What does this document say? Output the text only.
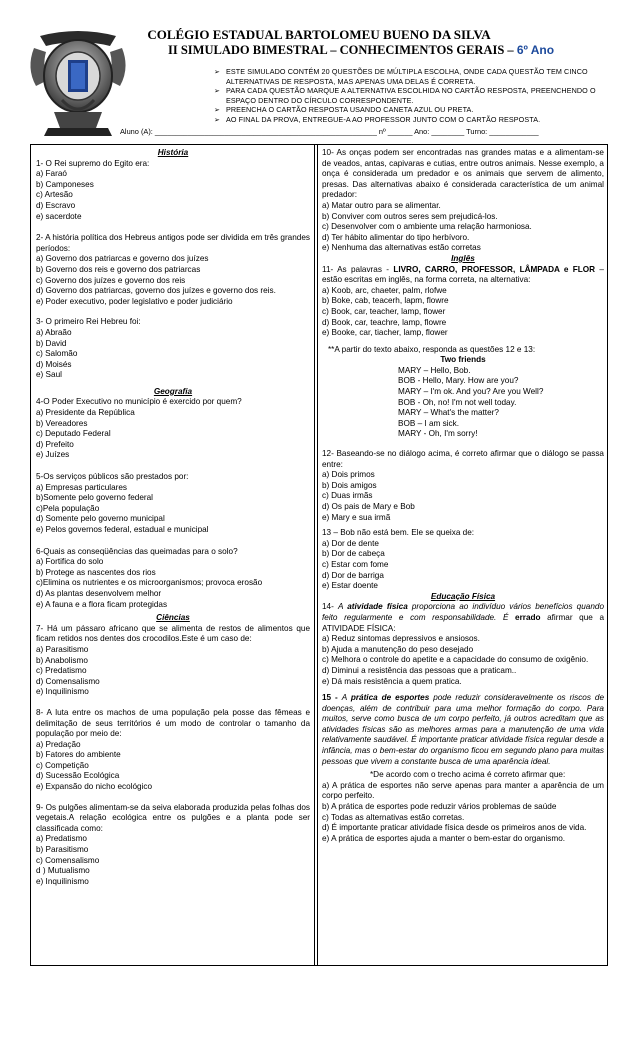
COLÉGIO ESTADUAL BARTOLOMEU BUENO DA SILVA
II SIMULADO BIMESTRAL – CONHECIMENTOS GERAIS – 6º Ano
➢ ESTE SIMULADO CONTÉM 20 QUESTÕES DE MÚLTIPLA ESCOLHA, ONDE CADA QUESTÃO TEM CINCO ALTERNATIVAS DE RESPOSTA, MAS APENAS UMA DELAS É CORRETA.
➢ PARA CADA QUESTÃO MARQUE A ALTERNATIVA ESCOLHIDA NO CARTÃO RESPOSTA, PREENCHENDO O ESPAÇO DENTRO DO CÍRCULO CORRESPONDENTE.
➢ PREENCHA O CARTÃO RESPOSTA USANDO CANETA AZUL OU PRETA.
➢ AO FINAL DA PROVA, ENTREGUE-A AO PROFESSOR JUNTO COM O CARTÃO RESPOSTA.
Aluno (A): ______________________________________________________ nº ______ Ano: ________ Turno: ____________
História
1- O Rei supremo do Egito era:
a) Faraó
b) Camponeses
c) Artesão
d) Escravo
e) sacerdote
2- A história política dos Hebreus antigos pode ser dividida em três grandes períodos:
a) Governo dos patriarcas e governo dos juízes
b) Governo dos reis e governo dos patriarcas
c) Governo dos juízes e governo dos reis
d) Governo dos patriarcas, governo dos juízes e governo dos reis.
e) Poder executivo, poder legislativo e poder judiciário
3- O primeiro Rei Hebreu foi:
a) Abraão
b) David
c) Salomão
d) Moisés
e) Saul
Geografia
4-O Poder Executivo no município é exercido por quem?
a) Presidente da República
b) Vereadores
c) Deputado Federal
d) Prefeito
e) Juízes
5-Os serviços públicos são prestados por:
a) Empresas particulares
b)Somente pelo governo federal
c)Pela população
d) Somente pelo governo municipal
e) Pelos governos federal, estadual e municipal
6-Quais as conseqüências das queimadas para o solo?
a) Fortifica do solo
b) Protege as nascentes dos rios
c)Elimina os nutrientes e os microorganismos; provoca erosão
d) As plantas desenvolvem melhor
e) A fauna e a flora ficam protegidas
Ciências
7- Há um pássaro africano que se alimenta de restos de alimentos que ficam retidos nos dentes dos crocodilos.Este é um caso de:
a) Parasitismo
b) Anabolismo
c) Predatismo
d) Comensalismo
e) Inquilinismo
8- A luta entre os machos de uma população pela posse das fêmeas e delimitação de seus territórios é um modo de controlar o tamanho da população por meio de:
a) Predação
b) Fatores do ambiente
c) Competição
d) Sucessão Ecológica
e) Expansão do nicho ecológico
9- Os pulgões alimentam-se da seiva elaborada produzida pelas folhas dos vegetais.A relação ecológica entre os pulgões e a planta pode ser classificada como:
a) Predatismo
b) Parasitismo
c) Comensalismo
d ) Mutualismo
e) Inquilinismo
10- As onças podem ser encontradas nas grandes matas e a alimentam-se de veados, antas, capivaras e cutias, entre outros animais. Nesse exemplo, a onça é considerada um predador e os animais que servem de alimento, presas. Das alternativas abaixo é considerada característica de um animal predador:
a) Matar outro para se alimentar.
b) Conviver com outros seres sem prejudicá-los.
c) Desenvolver com o ambiente uma relação harmoniosa.
d) Ter hábito alimentar do tipo herbívoro.
e) Nenhuma das alternativas estão corretas
Inglês
11- As palavras - LIVRO, CARRO, PROFESSOR, LÂMPADA e FLOR – estão escritas em inglês, na forma correta, na alternativa:
a) Koob, arc, chaeter, palm, rlofwe
b) Boke, cab, teacerh, lapm, flowre
c) Book, car, teacher, lamp, flower
d) Book, car, teachre, lamp, flowre
e) Booke, car, tiacher, lamp, flower
**A partir do texto abaixo, responda as questões 12 e 13:
Two friends
MARY – Hello, Bob.
BOB - Hello, Mary. How are you?
MARY – I'm ok. And you? Are you Well?
BOB - Oh, no! I'm not well today.
MARY – What's the matter?
BOB – I am sick.
MARY - Oh, I'm sorry!
12- Baseando-se no diálogo acima, é correto afirmar que o diálogo se passa entre:
a) Dois primos
b) Dois amigos
c) Duas irmãs
d) Os pais de Mary e Bob
e) Mary e sua irmã
13 – Bob não está bem. Ele se queixa de:
a) Dor de dente
b) Dor de cabeça
c) Estar com fome
d) Dor de barriga
e) Estar doente
Educação Física
14- A atividade física proporciona ao indivíduo vários benefícios quando feito regularmente e com responsabilidade. É errado afirmar que a ATIVIDADE FÍSICA:
a) Reduz sintomas depressivos e ansiosos.
b) Ajuda a manutenção do peso desejado
c) Melhora o controle do apetite e a capacidade do consumo de oxigênio.
d) Diminui a resistência das pessoas que a praticam..
e) Dá mais resistência a quem pratica.
15 - A prática de esportes pode reduzir consideravelmente os riscos de doenças, além de contribuir para uma melhor formação do corpo. Para muitos, serve como busca de um corpo perfeito, já outros acreditam que as atividades físicas são as melhores armas para a manutenção de uma vida relativamente saudável. É importante praticar atividade física regular desde a infância, mas o bem-estar do organismo ficou em segundo plano para muitas pessoas que vivem a constante busca de uma aparência ideal.
*De acordo com o trecho acima é correto afirmar que:
a) A prática de esportes não serve apenas para manter a aparência de um corpo perfeito.
b) A prática de esportes pode reduzir vários problemas de saúde
c) Todas as alternativas estão corretas.
d) É importante praticar atividade física desde os primeiros anos de vida.
e) A prática de esportes ajuda a manter o bem-estar do organismo.
